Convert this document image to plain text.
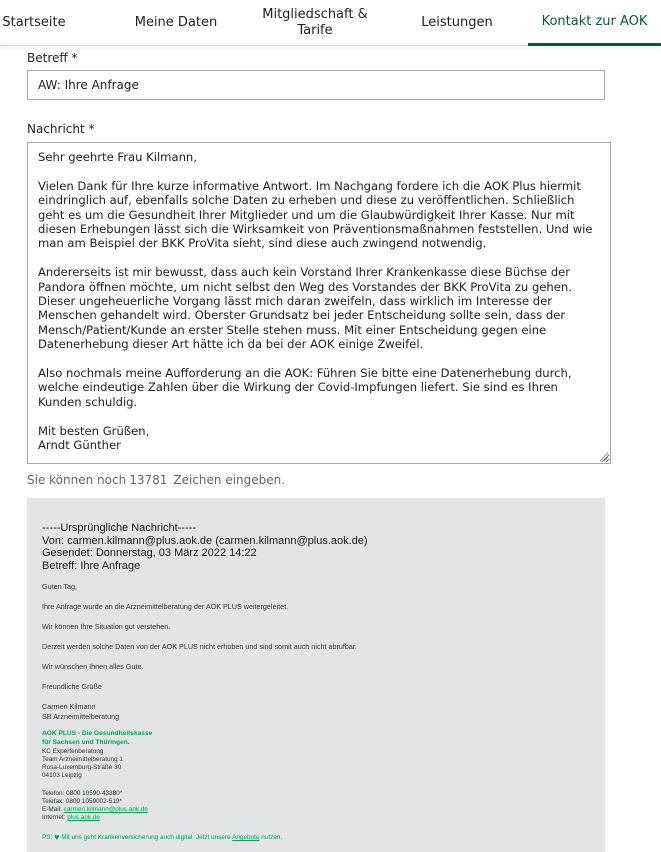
Startseite	Meine Daten
Mitgliedschaft & Tarife
Leistungen	Kontakt zur AOK
Betreff *
AW: Ihre Anfrage
Nachricht *

Sehr geehrte Frau Kilmann,

Vielen Dank für Ihre kurze informative Antwort. Im Nachgang fordere ich die AOK Plus hiermit eindringlich auf, ebenfalls solche Daten zu erheben und diese zu veröffentlichen. Schließlich geht es um die Gesundheit Ihrer Mitglieder und um die Glaubwürdigkeit Ihrer Kasse. Nur mit diesen Erhebungen lässt sich die Wirksamkeit von Präventionsmaßnahmen feststellen. Und wie man am Beispiel der BKK ProVita sieht, sind diese auch zwingend notwendig.

Andererseits ist mir bewusst, dass auch kein Vorstand Ihrer Krankenkasse diese Büchse der Pandora öffnen möchte, um nicht selbst den Weg des Vorstandes der BKK ProVita zu gehen. Dieser ungeheuerliche Vorgang lässt mich daran zweifeln, dass wirklich im Interesse der Menschen gehandelt wird. Oberster Grundsatz bei jeder Entscheidung sollte sein, dass der Mensch/Patient/Kunde an erster Stelle stehen muss. Mit einer Entscheidung gegen eine Datenerhebung dieser Art hätte ich da bei der AOK einige Zweifel.

Also nochmals meine Aufforderung an die AOK: Führen Sie bitte eine Datenerhebung durch, welche eindeutige Zahlen über die Wirkung der Covid-Impfungen liefert. Sie sind es Ihren Kunden schuldig.

Mit besten Grüßen,
Arndt Günther

Sie können noch 13781 Zeichen eingeben.
-----Ursprüngliche Nachricht-----
Von: carmen.kilmann@plus.aok.de (carmen.kilmann@plus.aok.de)
Gesendet: Donnerstag, 03 März 2022 14:22
Betreff: Ihre Anfrage
Guten Tag,
Ihre Anfrage wurde an die Arzneimittelberatung der AOK PLUS weitergeleitet.
Wir können Ihre Situation gut verstehen.
Derzeit werden solche Daten von der AOK PLUS nicht erhoben und sind somit auch nicht abrufbar.
Wir wünschen Ihnen alles Gute.
Freundliche Grüße
Carmen Kilmann
SB Arzneimittelberatung
AOK PLUS - Die Gesundheitskasse
für Sachsen und Thüringen.
KC Expertenberatung
Team Arzneimittelberatung 1
Rosa-Luxemburg-Straße 30
04103 Leipzig
Telefon: 0800 10590-43380*
Telefax: 0800 1059002-519*
E-Mail: carmen.kilmann@plus.aok.de
Internet: plus.aok.de
PS: ♥ Mit uns geht Krankenversicherung auch digital. Jetzt unsere Angebote nutzen.
